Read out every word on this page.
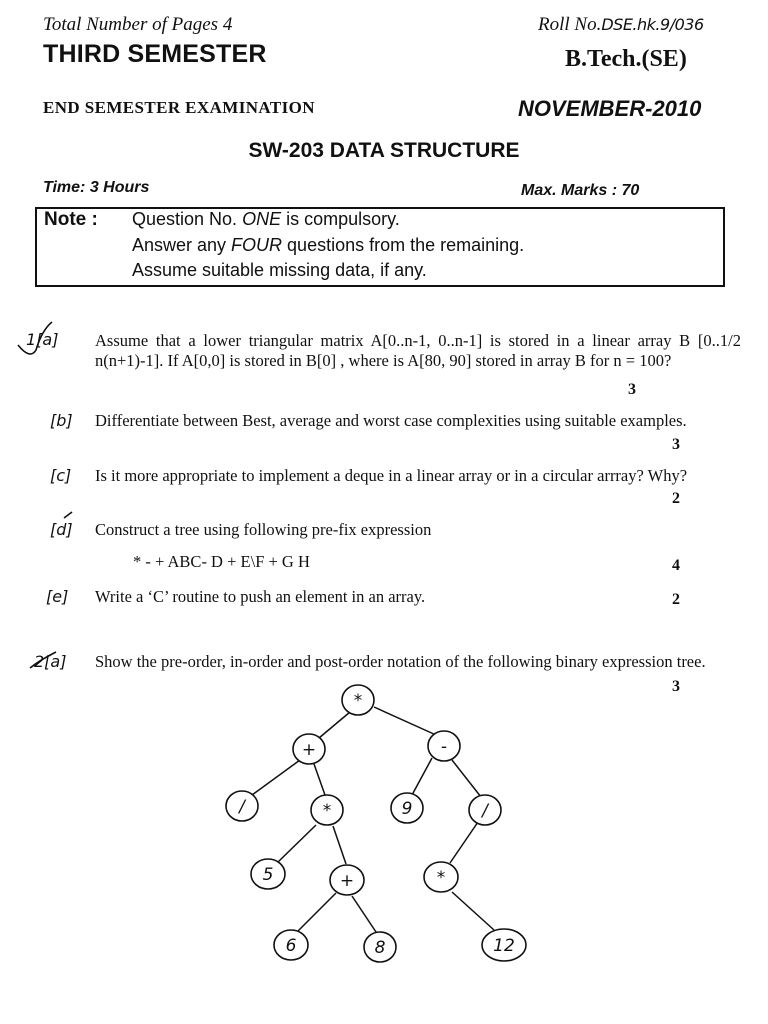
Total Number of Pages 4	Roll No.DSE.hk.9/036
THIRD SEMESTER	B.Tech.(SE)
END SEMESTER EXAMINATION	NOVEMBER-2010
SW-203 DATA STRUCTURE
Time: 3 Hours	Max. Marks : 70
Note : Question No. ONE is compulsory.
Answer any FOUR questions from the remaining.
Assume suitable missing data, if any.
1[a] Assume that a lower triangular matrix A[0..n-1, 0..n-1] is stored in a linear array B [0..1/2 n(n+1)-1]. If A[0,0] is stored in B[0] , where is A[80, 90] stored in array B for n = 100?
3
[b] Differentiate between Best, average and worst case complexities using suitable examples.
3
[c] Is it more appropriate to implement a deque in a linear array or in a circular arrray? Why?
2
[d] Construct a tree using following pre-fix expression
* - + ABC- D + E\F + G H	4
[e] Write a ‘C’ routine to push an element in an array.	2
2[a] Show the pre-order, in-order and post-order notation of the following binary expression tree.
3
*
+	-
/	*	9	/
5	+	*
6	8	12
